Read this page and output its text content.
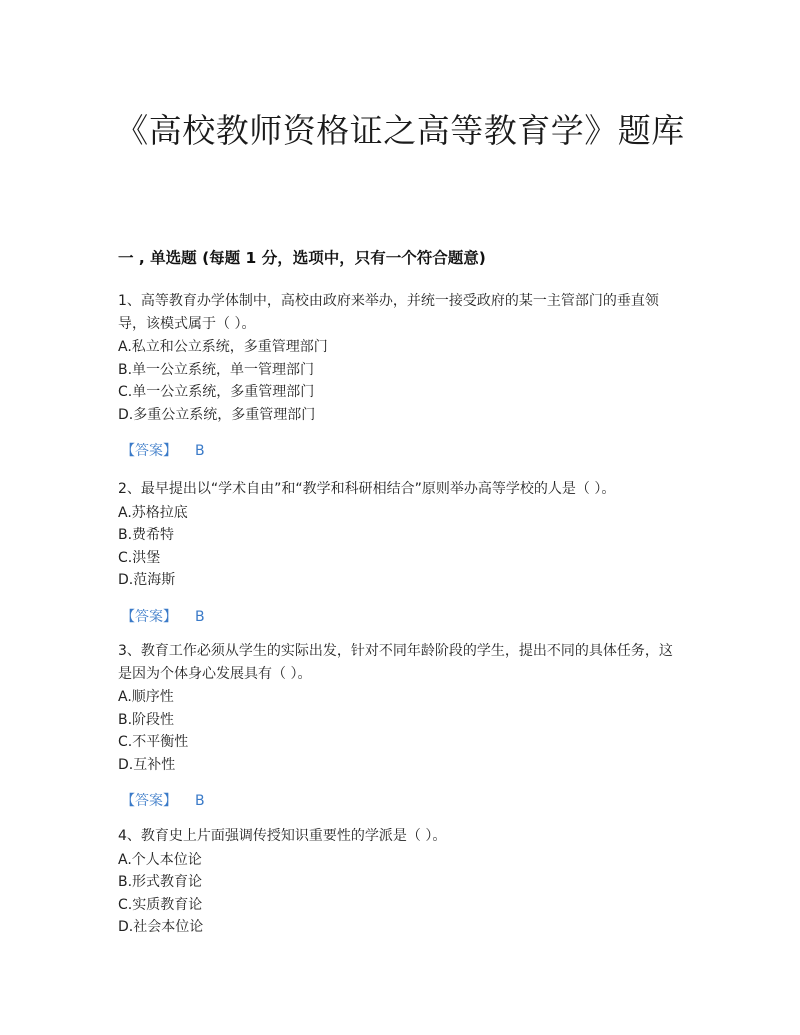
《高校教师资格证之高等教育学》题库
一 , 单选题 (每题 1 分，选项中，只有一个符合题意)
1、高等教育办学体制中，高校由政府来举办，并统一接受政府的某一主管部门的垂直领导，该模式属于（ ）。
A.私立和公立系统，多重管理部门
B.单一公立系统，单一管理部门
C.单一公立系统，多重管理部门
D.多重公立系统，多重管理部门
【答案】 B
2、最早提出以“学术自由”和“教学和科研相结合”原则举办高等学校的人是（ ）。
A.苏格拉底
B.费希特
C.洪堡
D.范海斯
【答案】 B
3、教育工作必须从学生的实际出发，针对不同年龄阶段的学生，提出不同的具体任务，这是因为个体身心发展具有（ ）。
A.顺序性
B.阶段性
C.不平衡性
D.互补性
【答案】 B
4、教育史上片面强调传授知识重要性的学派是（ ）。
A.个人本位论
B.形式教育论
C.实质教育论
D.社会本位论
